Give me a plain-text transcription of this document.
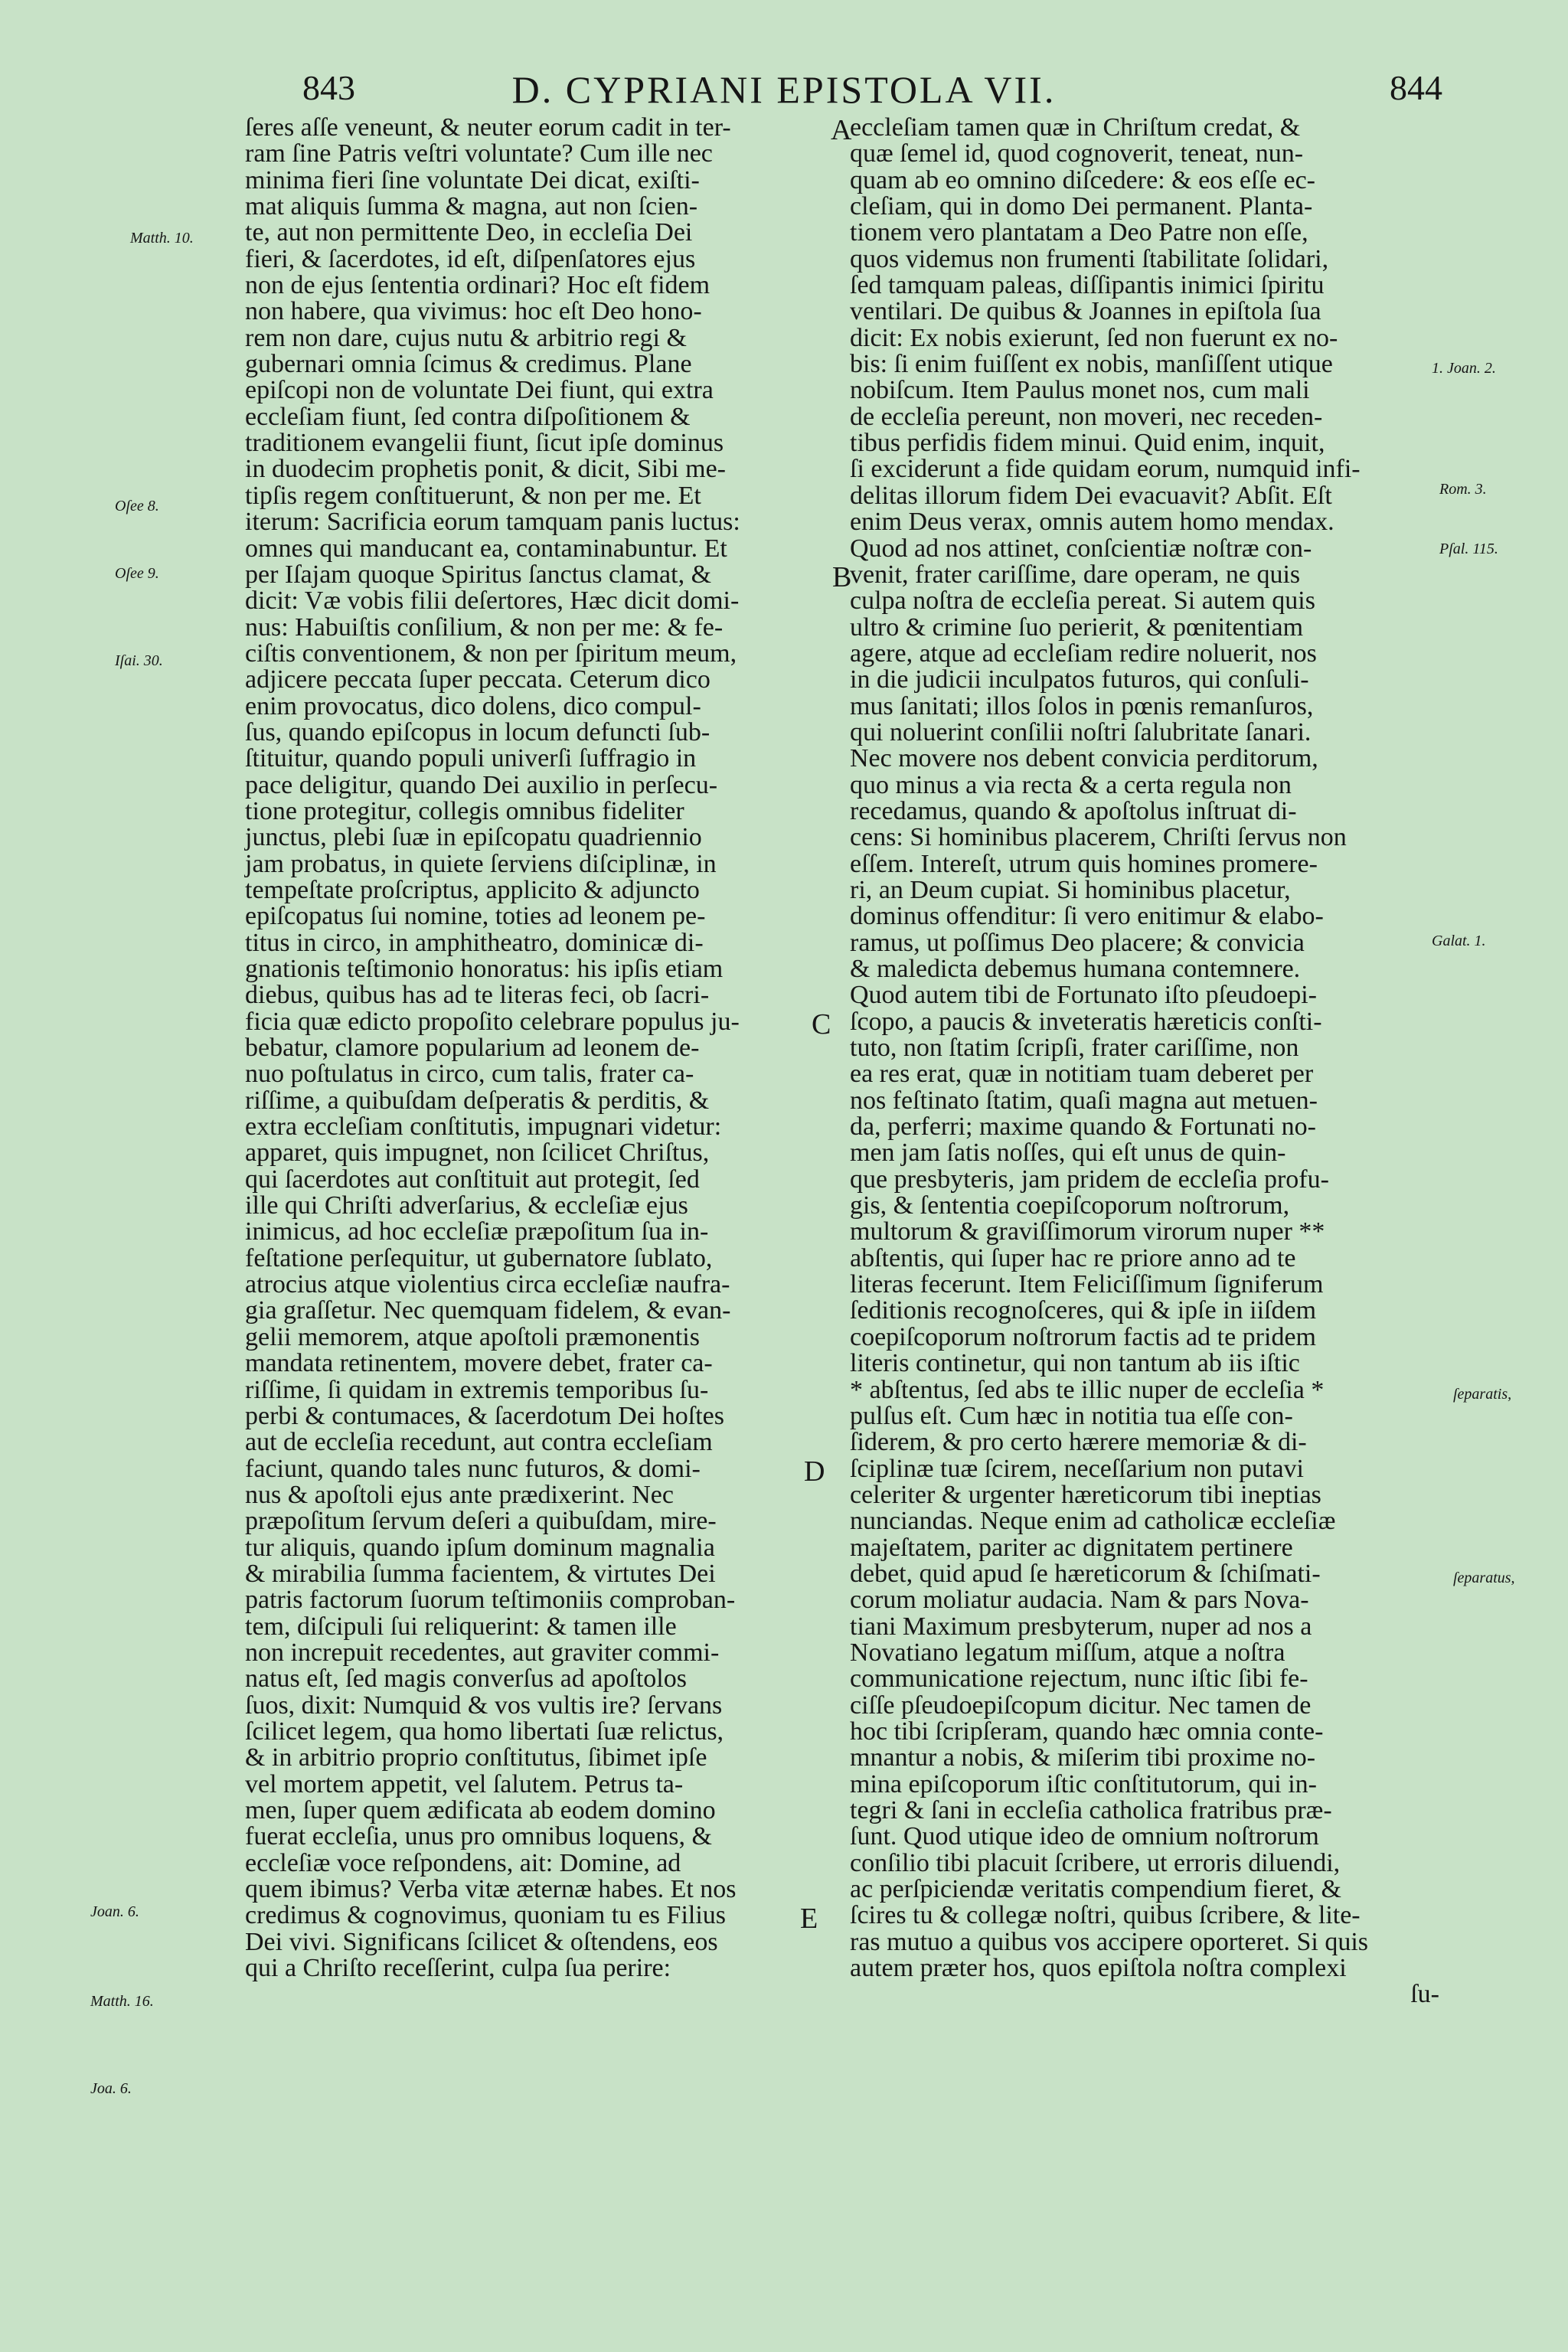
843	D. CYPRIANI EPISTOLA VII.	844
ſeres aſſe veneunt, & neuter eorum cadit in ter-
ram ſine Patris veſtri voluntate? Cum ille nec
minima fieri ſine voluntate Dei dicat, exiſti-
mat aliquis ſumma & magna, aut non ſcien-
te, aut non permittente Deo, in eccleſia Dei
fieri, & ſacerdotes, id eſt, diſpenſatores ejus
non de ejus ſententia ordinari? Hoc eſt fidem
non habere, qua vivimus: hoc eſt Deo hono-
rem non dare, cujus nutu & arbitrio regi &
gubernari omnia ſcimus & credimus. Plane
epiſcopi non de voluntate Dei fiunt, qui extra
eccleſiam fiunt, ſed contra diſpoſitionem &
traditionem evangelii fiunt, ſicut ipſe dominus
in duodecim prophetis ponit, & dicit, Sibi me-
tipſis regem conſtituerunt, & non per me. Et
iterum: Sacrificia eorum tamquam panis luctus:
omnes qui manducant ea, contaminabuntur. Et
per Iſajam quoque Spiritus ſanctus clamat, &
dicit: Væ vobis filii deſertores, Hæc dicit domi-
nus: Habuiſtis conſilium, & non per me: & fe-
ciſtis conventionem, & non per ſpiritum meum,
adjicere peccata ſuper peccata. Ceterum dico
enim provocatus, dico dolens, dico compul-
ſus, quando epiſcopus in locum defuncti ſub-
ſtituitur, quando populi univerſi ſuffragio in
pace deligitur, quando Dei auxilio in perſecu-
tione protegitur, collegis omnibus fideliter
junctus, plebi ſuæ in epiſcopatu quadriennio
jam probatus, in quiete ſerviens diſciplinæ, in
tempeſtate proſcriptus, applicito & adjuncto
epiſcopatus ſui nomine, toties ad leonem pe-
titus in circo, in amphitheatro, dominicæ di-
gnationis teſtimonio honoratus: his ipſis etiam
diebus, quibus has ad te literas feci, ob ſacri-
ficia quæ edicto propoſito celebrare populus ju-
bebatur, clamore popularium ad leonem de-
nuo poſtulatus in circo, cum talis, frater ca-
riſſime, a quibuſdam deſperatis & perditis, &
extra eccleſiam conſtitutis, impugnari videtur:
apparet, quis impugnet, non ſcilicet Chriſtus,
qui ſacerdotes aut conſtituit aut protegit, ſed
ille qui Chriſti adverſarius, & eccleſiæ ejus
inimicus, ad hoc eccleſiæ præpoſitum ſua in-
feſtatione perſequitur, ut gubernatore ſublato,
atrocius atque violentius circa eccleſiæ naufra-
gia graſſetur. Nec quemquam fidelem, & evan-
gelii memorem, atque apoſtoli præmonentis
mandata retinentem, movere debet, frater ca-
riſſime, ſi quidam in extremis temporibus ſu-
perbi & contumaces, & ſacerdotum Dei hoſtes
aut de eccleſia recedunt, aut contra eccleſiam
faciunt, quando tales nunc futuros, & domi-
nus & apoſtoli ejus ante prædixerint. Nec
præpoſitum ſervum deſeri a quibuſdam, mire-
tur aliquis, quando ipſum dominum magnalia
& mirabilia ſumma facientem, & virtutes Dei
patris factorum ſuorum teſtimoniis comproban-
tem, diſcipuli ſui reliquerint: & tamen ille
non increpuit recedentes, aut graviter commi-
natus eſt, ſed magis converſus ad apoſtolos
ſuos, dixit: Numquid & vos vultis ire? ſervans
ſcilicet legem, qua homo libertati ſuæ relictus,
& in arbitrio proprio conſtitutus, ſibimet ipſe
vel mortem appetit, vel ſalutem. Petrus ta-
men, ſuper quem ædificata ab eodem domino
fuerat eccleſia, unus pro omnibus loquens, &
eccleſiæ voce reſpondens, ait: Domine, ad
quem ibimus? Verba vitæ æternæ habes. Et nos
credimus & cognovimus, quoniam tu es Filius
Dei vivi. Significans ſcilicet & oſtendens, eos
qui a Chriſto receſſerint, culpa ſua perire:
eccleſiam tamen quæ in Chriſtum credat, &
quæ ſemel id, quod cognoverit, teneat, nun-
quam ab eo omnino diſcedere: & eos eſſe ec-
cleſiam, qui in domo Dei permanent. Planta-
tionem vero plantatam a Deo Patre non eſſe,
quos videmus non frumenti ſtabilitate ſolidari,
ſed tamquam paleas, diſſipantis inimici ſpiritu
ventilari. De quibus & Joannes in epiſtola ſua
dicit: Ex nobis exierunt, ſed non fuerunt ex no-
bis: ſi enim fuiſſent ex nobis, manſiſſent utique
nobiſcum. Item Paulus monet nos, cum mali
de eccleſia pereunt, non moveri, nec receden-
tibus perfidis fidem minui. Quid enim, inquit,
ſi exciderunt a fide quidam eorum, numquid infi-
delitas illorum fidem Dei evacuavit? Abſit. Eſt
enim Deus verax, omnis autem homo mendax.
Quod ad nos attinet, conſcientiæ noſtræ con-
venit, frater cariſſime, dare operam, ne quis
culpa noſtra de eccleſia pereat. Si autem quis
ultro & crimine ſuo perierit, & pœnitentiam
agere, atque ad eccleſiam redire noluerit, nos
in die judicii inculpatos futuros, qui conſuli-
mus ſanitati; illos ſolos in pœnis remanſuros,
qui noluerint conſilii noſtri ſalubritate ſanari.
Nec movere nos debent convicia perditorum,
quo minus a via recta & a certa regula non
recedamus, quando & apoſtolus inſtruat di-
cens: Si hominibus placerem, Chriſti ſervus non
eſſem. Intereſt, utrum quis homines promere-
ri, an Deum cupiat. Si hominibus placetur,
dominus offenditur: ſi vero enitimur & elabo-
ramus, ut poſſimus Deo placere; & convicia
& maledicta debemus humana contemnere.
Quod autem tibi de Fortunato iſto pſeudoepi-
ſcopo, a paucis & inveteratis hæreticis conſti-
tuto, non ſtatim ſcripſi, frater cariſſime, non
ea res erat, quæ in notitiam tuam deberet per
nos feſtinato ſtatim, quaſi magna aut metuen-
da, perferri; maxime quando & Fortunati no-
men jam ſatis noſſes, qui eſt unus de quin-
que presbyteris, jam pridem de eccleſia profu-
gis, & ſententia coepiſcoporum noſtrorum,
multorum & graviſſimorum virorum nuper **
abſtentis, qui ſuper hac re priore anno ad te
literas fecerunt. Item Feliciſſimum ſigniferum
ſeditionis recognoſceres, qui & ipſe in iiſdem
coepiſcoporum noſtrorum factis ad te pridem
literis continetur, qui non tantum ab iis iſtic
* abſtentus, ſed abs te illic nuper de eccleſia *
pulſus eſt. Cum hæc in notitia tua eſſe con-
ſiderem, & pro certo hærere memoriæ & di-
ſciplinæ tuæ ſcirem, neceſſarium non putavi
celeriter & urgenter hæreticorum tibi ineptias
nunciandas. Neque enim ad catholicæ eccleſiæ
majeſtatem, pariter ac dignitatem pertinere
debet, quid apud ſe hæreticorum & ſchiſmati-
corum moliatur audacia. Nam & pars Nova-
tiani Maximum presbyterum, nuper ad nos a
Novatiano legatum miſſum, atque a noſtra
communicatione rejectum, nunc iſtic ſibi fe-
ciſſe pſeudoepiſcopum dicitur. Nec tamen de
hoc tibi ſcripſeram, quando hæc omnia conte-
mnantur a nobis, & miſerim tibi proxime no-
mina epiſcoporum iſtic conſtitutorum, qui in-
tegri & ſani in eccleſia catholica fratribus præ-
ſunt. Quod utique ideo de omnium noſtrorum
conſilio tibi placuit ſcribere, ut erroris diluendi,
ac perſpiciendæ veritatis compendium fieret, &
ſcires tu & collegæ noſtri, quibus ſcribere, & lite-
ras mutuo a quibus vos accipere oporteret. Si quis
autem præter hos, quos epiſtola noſtra complexi
ſu-
A
B
C
D
E
Matth. 10.
Oſee 8.
Oſee 9.
Iſai. 30.
Joan. 6.
Matth. 16.
Joa. 6.
1. Joan. 2.
Rom. 3.
Pſal. 115.
Galat. 1.
ſeparatis,
ſeparatus,
